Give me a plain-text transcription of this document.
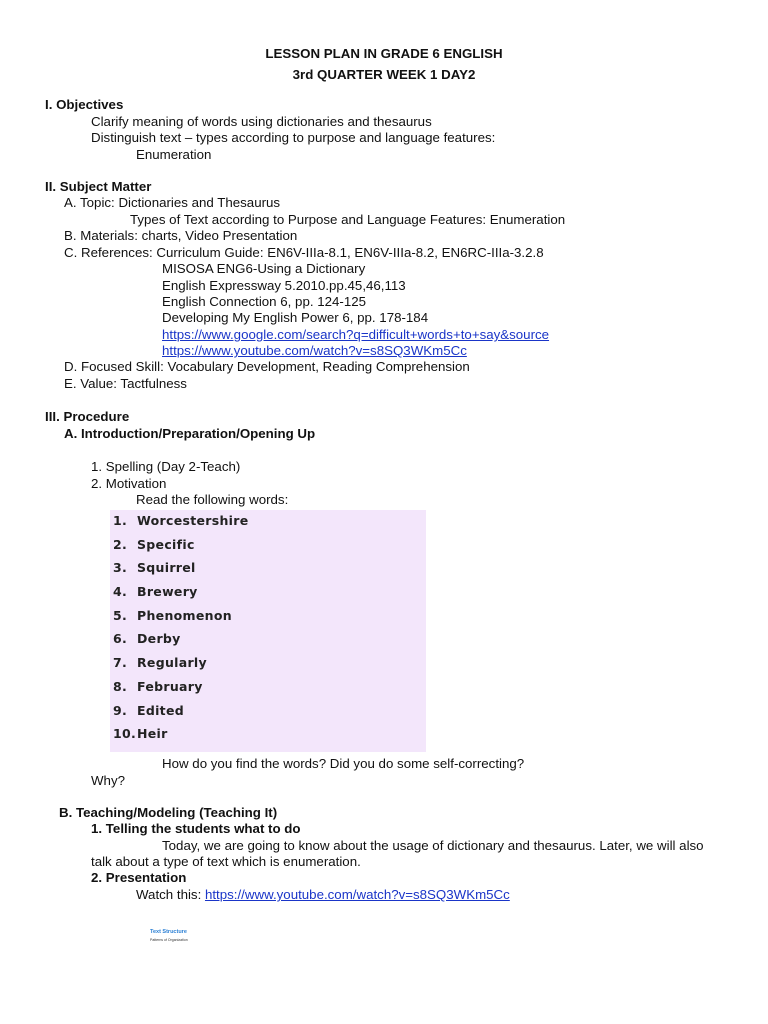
LESSON PLAN IN GRADE 6 ENGLISH
3rd QUARTER WEEK 1 DAY2
I. Objectives
Clarify meaning of words using dictionaries and thesaurus
Distinguish text – types according to purpose and language features:
Enumeration
II. Subject Matter
A. Topic: Dictionaries and Thesaurus
Types of Text according to Purpose and Language Features: Enumeration
B. Materials: charts, Video Presentation
C. References: Curriculum Guide: EN6V-IIIa-8.1, EN6V-IIIa-8.2, EN6RC-IIIa-3.2.8
MISOSA ENG6-Using a Dictionary
English Expressway 5.2010.pp.45,46,113
English Connection 6, pp. 124-125
Developing My English Power 6, pp. 178-184
https://www.google.com/search?q=difficult+words+to+say&source
https://www.youtube.com/watch?v=s8SQ3WKm5Cc
D. Focused Skill: Vocabulary Development, Reading Comprehension
E. Value: Tactfulness
III. Procedure
A. Introduction/Preparation/Opening Up
1. Spelling (Day 2-Teach)
2. Motivation
Read the following words:
1. Worcestershire
2. Specific
3. Squirrel
4. Brewery
5. Phenomenon
6. Derby
7. Regularly
8. February
9. Edited
10.Heir
How do you find the words? Did you do some self-correcting?
Why?
B. Teaching/Modeling (Teaching It)
1. Telling the students what to do
Today, we are going to know about the usage of dictionary and thesaurus. Later, we will also
talk about a type of text which is enumeration.
2. Presentation
Watch this: https://www.youtube.com/watch?v=s8SQ3WKm5Cc
Text Structure
Patterns of Organization
